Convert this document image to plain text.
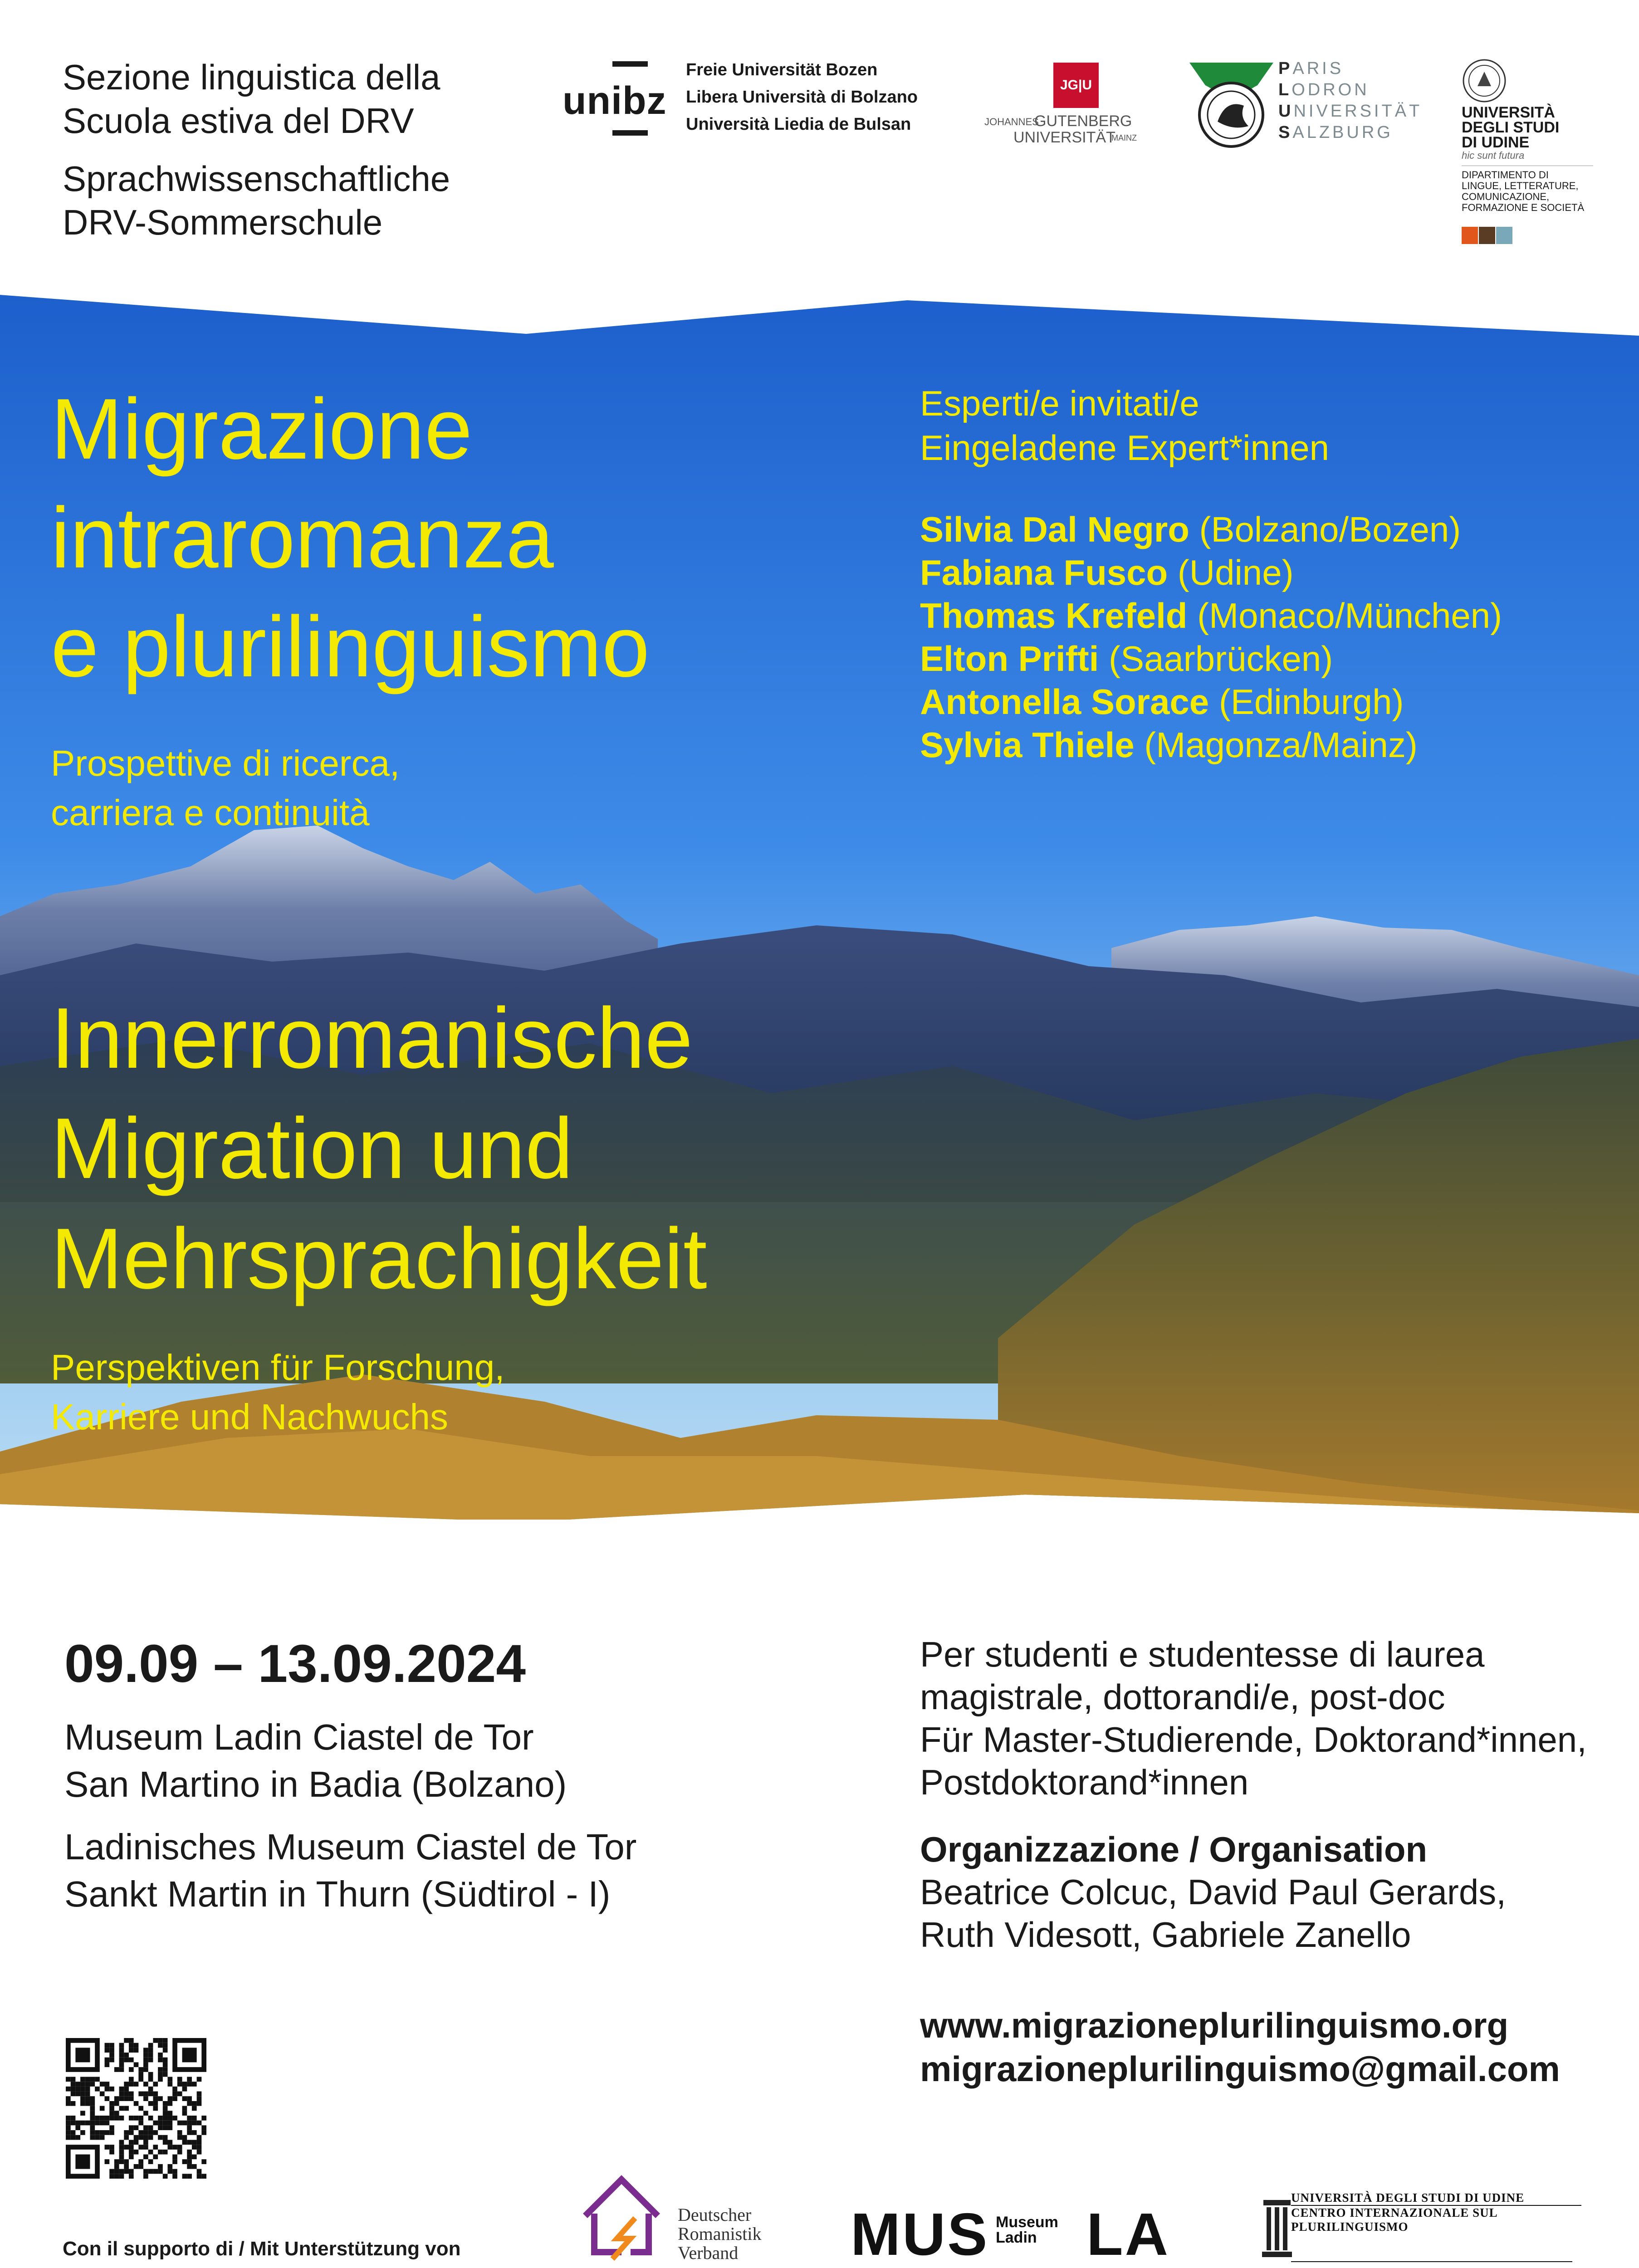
Sezione linguistica della
Scuola estiva del DRV
Sprachwissenschaftliche
DRV-Sommerschule
unibz
Freie Universität Bozen
Libera Università di Bolzano
Università Liedia de Bulsan
JG|U
JOHANNES
GUTENBERG
UNIVERSITÄT
MAINZ
PARIS
LODRON
UNIVERSITÄT
SALZBURG
UNIVERSITÀ
DEGLI STUDI
DI UDINE
hic sunt futura
DIPARTIMENTO DI
LINGUE, LETTERATURE,
COMUNICAZIONE,
FORMAZIONE E SOCIETÀ
Migrazione
intraromanza
e plurilinguismo
Prospettive di ricerca,
carriera e continuità
Esperti/e invitati/e
Eingeladene Expert*innen
Silvia Dal Negro (Bolzano/Bozen)
Fabiana Fusco (Udine)
Thomas Krefeld (Monaco/München)
Elton Prifti (Saarbrücken)
Antonella Sorace (Edinburgh)
Sylvia Thiele (Magonza/Mainz)
Innerromanische
Migration und
Mehrsprachigkeit
Perspektiven für Forschung,
Karriere und Nachwuchs
09.09 – 13.09.2024
Museum Ladin Ciastel de Tor
San Martino in Badia (Bolzano)
Ladinisches Museum Ciastel de Tor
Sankt Martin in Thurn (Südtirol - I)
Per studenti e studentesse di laurea
magistrale, dottorandi/e, post-doc
Für Master-Studierende, Doktorand*innen,
Postdoktorand*innen
Organizzazione / Organisation
Beatrice Colcuc, David Paul Gerards,
Ruth Videsott, Gabriele Zanello
www.migrazioneplurilinguismo.org
migrazioneplurilinguismo@gmail.com
Con il supporto di / Mit Unterstützung von
Deutscher
Romanistik
Verband	MUS Museum
Ladin LA
UNIVERSITÀ DEGLI STUDI DI UDINE
CENTRO INTERNAZIONALE SUL
PLURILINGUISMO
